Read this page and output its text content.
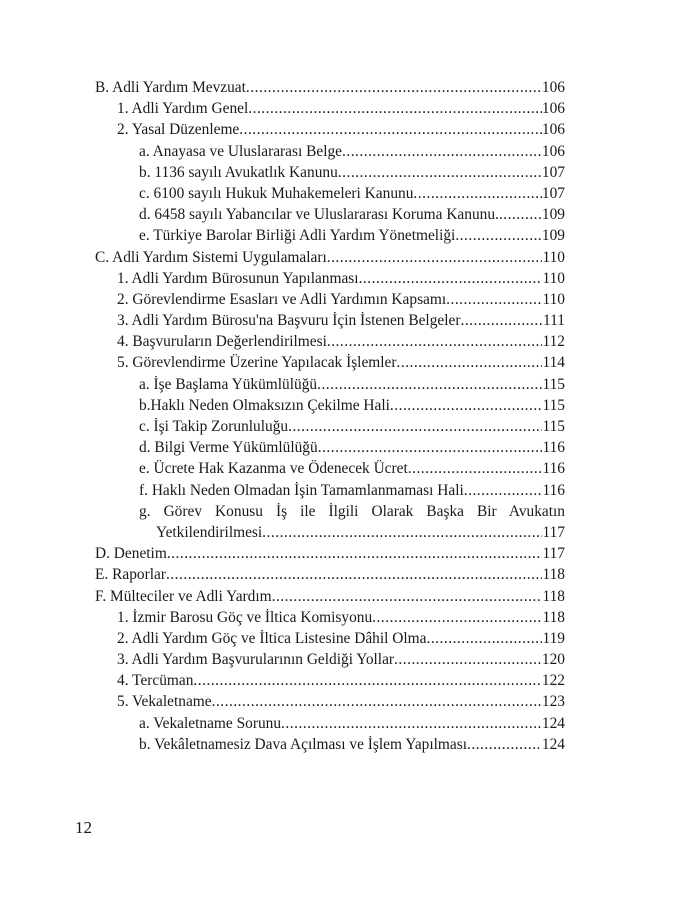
B. Adli Yardım Mevzuat .....	106
1. Adli Yardım Genel .....	106
2. Yasal Düzenleme .....	106
a. Anayasa ve Uluslararası Belge .....	106
b. 1136 sayılı Avukatlık Kanunu .....	107
c. 6100 sayılı Hukuk Muhakemeleri Kanunu .....	107
d. 6458 sayılı Yabancılar ve Uluslararası Koruma Kanunu. .....	109
e. Türkiye Barolar Birliği Adli Yardım Yönetmeliği .....	109
C. Adli Yardım Sistemi Uygulamaları .....	110
1. Adli Yardım Bürosunun Yapılanması .....	110
2. Görevlendirme Esasları ve Adli Yardımın Kapsamı .....	110
3. Adli Yardım Bürosu'na Başvuru İçin İstenen Belgeler .....	111
4. Başvuruların Değerlendirilmesi .....	112
5. Görevlendirme Üzerine Yapılacak İşlemler .....	114
a. İşe Başlama Yükümlülüğü .....	115
b.Haklı Neden Olmaksızın Çekilme Hali .....	115
c. İşi Takip Zorunluluğu .....	115
d. Bilgi Verme Yükümlülüğü .....	116
e. Ücrete Hak Kazanma ve Ödenecek Ücret .....	116
f. Haklı Neden Olmadan İşin Tamamlanmaması Hali .....	116
g. Görev Konusu İş ile İlgili Olarak Başka Bir Avukatın
Yetkilendirilmesi .....	117
D. Denetim .....	117
E. Raporlar .....	118
F. Mülteciler ve Adli Yardım .....	118
1. İzmir Barosu Göç ve İltica Komisyonu .....	118
2. Adli Yardım Göç ve İltica Listesine Dâhil Olma .....	119
3. Adli Yardım Başvurularının Geldiği Yollar .....	120
4. Tercüman .....	122
5. Vekaletname .....	123
a. Vekaletname Sorunu .....	124
b. Vekâletnamesiz Dava Açılması ve İşlem Yapılması .....	124
12
